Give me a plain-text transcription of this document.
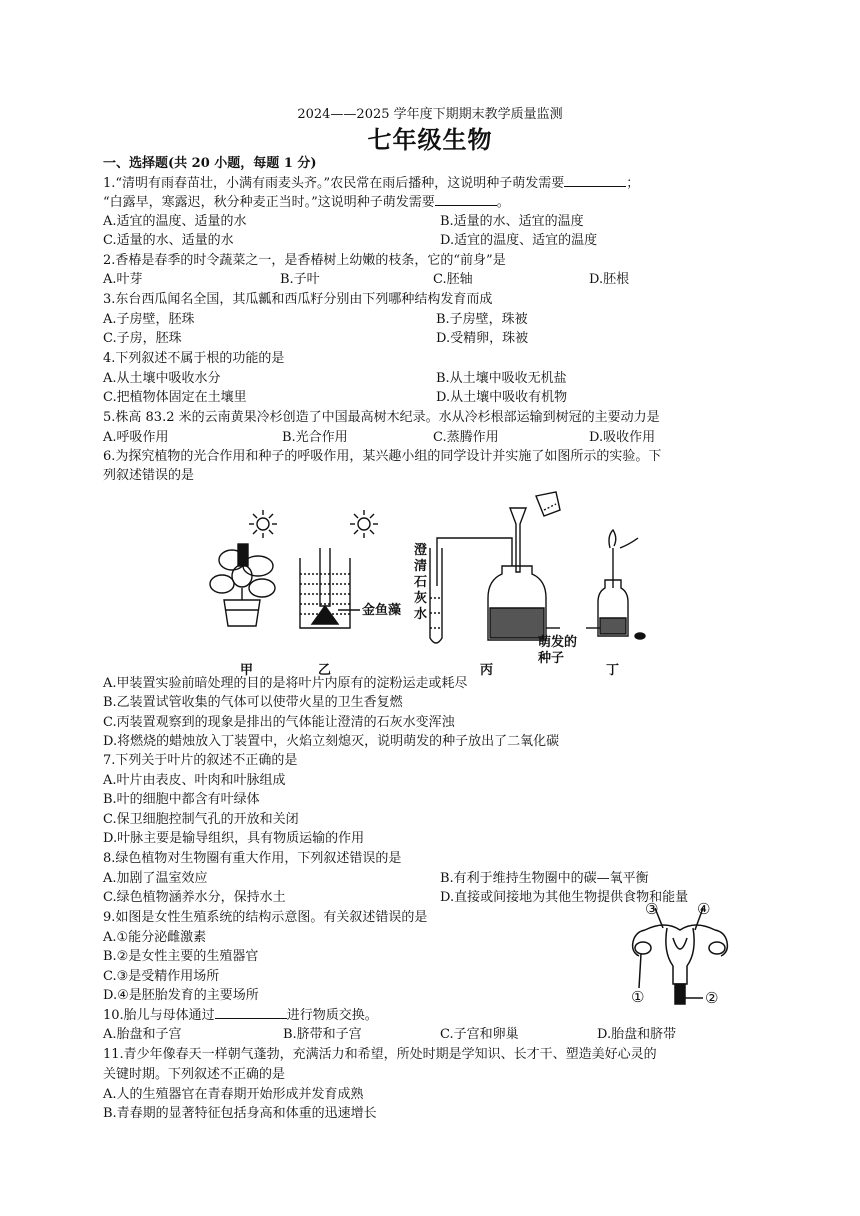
2024——2025 学年度下期期末教学质量监测
七年级生物
一、选择题(共 20 小题，每题 1 分)
1.“清明有雨春苗壮，小满有雨麦头齐。”农民常在雨后播种，这说明种子萌发需要	；
“白露早，寒露迟，秋分种麦正当时。”这说明种子萌发需要	。
A.适宜的温度、适量的水	B.适量的水、适宜的温度
C.适量的水、适量的水	D.适宜的温度、适宜的温度
2.香椿是春季的时令蔬菜之一，是香椿树上幼嫩的枝条，它的“前身”是
A.叶芽	B.子叶	C.胚轴	D.胚根
3.东台西瓜闻名全国，其瓜瓤和西瓜籽分别由下列哪种结构发育而成
A.子房壁，胚珠	B.子房壁，珠被
C.子房，胚珠	D.受精卵，珠被
4.下列叙述不属于根的功能的是
A.从土壤中吸收水分	B.从土壤中吸收无机盐
C.把植物体固定在土壤里	D.从土壤中吸收有机物
5.株高 83.2 米的云南黄果冷杉创造了中国最高树木纪录。水从冷杉根部运输到树冠的主要动力是
A.呼吸作用	B.光合作用	C.蒸腾作用	D.吸收作用
6.为探究植物的光合作用和种子的呼吸作用，某兴趣小组的同学设计并实施了如图所示的实验。下
列叙述错误的是
金鱼藻
澄
清
石
灰
水
萌发的
种子
甲	乙	丙	丁
A.甲装置实验前暗处理的目的是将叶片内原有的淀粉运走或耗尽
B.乙装置试管收集的气体可以使带火星的卫生香复燃
C.丙装置观察到的现象是排出的气体能让澄清的石灰水变浑浊
D.将燃烧的蜡烛放入丁装置中，火焰立刻熄灭，说明萌发的种子放出了二氧化碳
7.下列关于叶片的叙述不正确的是
A.叶片由表皮、叶肉和叶脉组成
B.叶的细胞中都含有叶绿体
C.保卫细胞控制气孔的开放和关闭
D.叶脉主要是输导组织，具有物质运输的作用
8.绿色植物对生物圈有重大作用，下列叙述错误的是
A.加剧了温室效应	B.有利于维持生物圈中的碳—氧平衡
C.绿色植物涵养水分，保持水土	D.直接或间接地为其他生物提供食物和能量
9.如图是女性生殖系统的结构示意图。有关叙述错误的是
A.①能分泌雌激素
B.②是女性主要的生殖器官
C.③是受精作用场所
D.④是胚胎发育的主要场所
③	④
①	②
10.胎儿与母体通过	进行物质交换。
A.胎盘和子宫	B.脐带和子宫	C.子宫和卵巢	D.胎盘和脐带
11.青少年像春天一样朝气蓬勃，充满活力和希望，所处时期是学知识、长才干、塑造美好心灵的
关键时期。下列叙述不正确的是
A.人的生殖器官在青春期开始形成并发育成熟
B.青春期的显著特征包括身高和体重的迅速增长
